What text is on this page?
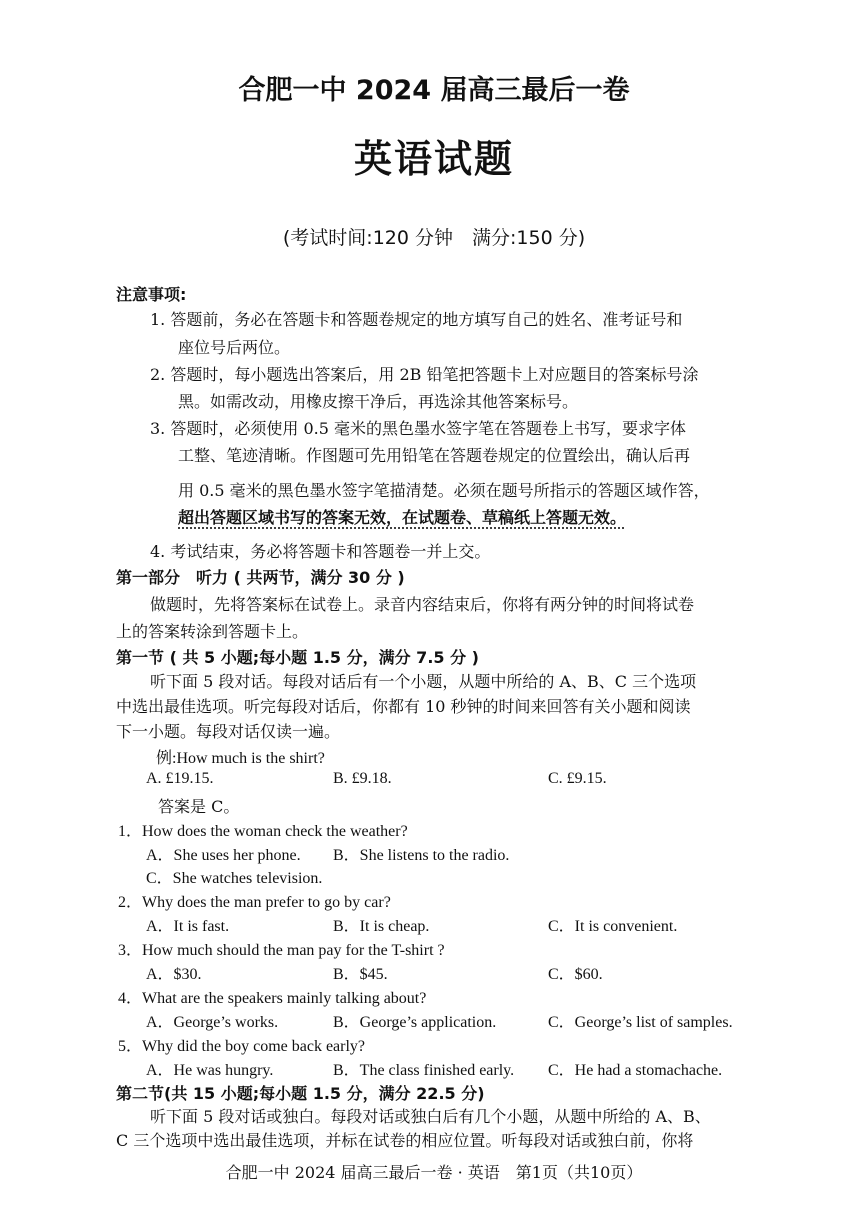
合肥一中 2024 届高三最后一卷
英语试题
(考试时间:120 分钟　满分:150 分)
注意事项:
1. 答题前，务必在答题卡和答题卷规定的地方填写自己的姓名、准考证号和
座位号后两位。
2. 答题时，每小题选出答案后，用 2B 铅笔把答题卡上对应题目的答案标号涂
黑。如需改动，用橡皮擦干净后，再选涂其他答案标号。
3. 答题时，必须使用 0.5 毫米的黑色墨水签字笔在答题卷上书写，要求字体
工整、笔迹清晰。作图题可先用铅笔在答题卷规定的位置绘出，确认后再
用 0.5 毫米的黑色墨水签字笔描清楚。必须在题号所指示的答题区域作答，
超出答题区域书写的答案无效，在试题卷、草稿纸上答题无效。
4. 考试结束，务必将答题卡和答题卷一并上交。
第一部分　听力 ( 共两节，满分 30 分 )
做题时，先将答案标在试卷上。录音内容结束后，你将有两分钟的时间将试卷
上的答案转涂到答题卡上。
第一节 ( 共 5 小题;每小题 1.5 分，满分 7.5 分 )
听下面 5 段对话。每段对话后有一个小题，从题中所给的 A、B、C 三个选项
中选出最佳选项。听完每段对话后，你都有 10 秒钟的时间来回答有关小题和阅读
下一小题。每段对话仅读一遍。
例:How much is the shirt?
A. £19.15.	B. £9.18.	C. £9.15.
答案是 C。
1．How does the woman check the weather?
A．She uses her phone. B．She listens to the radio.
C．She watches television.
2．Why does the man prefer to go by car?
A．It is fast.	B．It is cheap.	C．It is convenient.
3．How much should the man pay for the T-shirt ?
A．$30.	B．$45.	C．$60.
4．What are the speakers mainly talking about?
A．George’s works.	B．George’s application.	C．George’s list of samples.
5．Why did the boy come back early?
A．He was hungry.	B．The class finished early. C．He had a stomachache.
第二节(共 15 小题;每小题 1.5 分，满分 22.5 分)
听下面 5 段对话或独白。每段对话或独白后有几个小题，从题中所给的 A、B、
C 三个选项中选出最佳选项，并标在试卷的相应位置。听每段对话或独白前，你将
合肥一中 2024 届高三最后一卷 · 英语　第1页（共10页）
